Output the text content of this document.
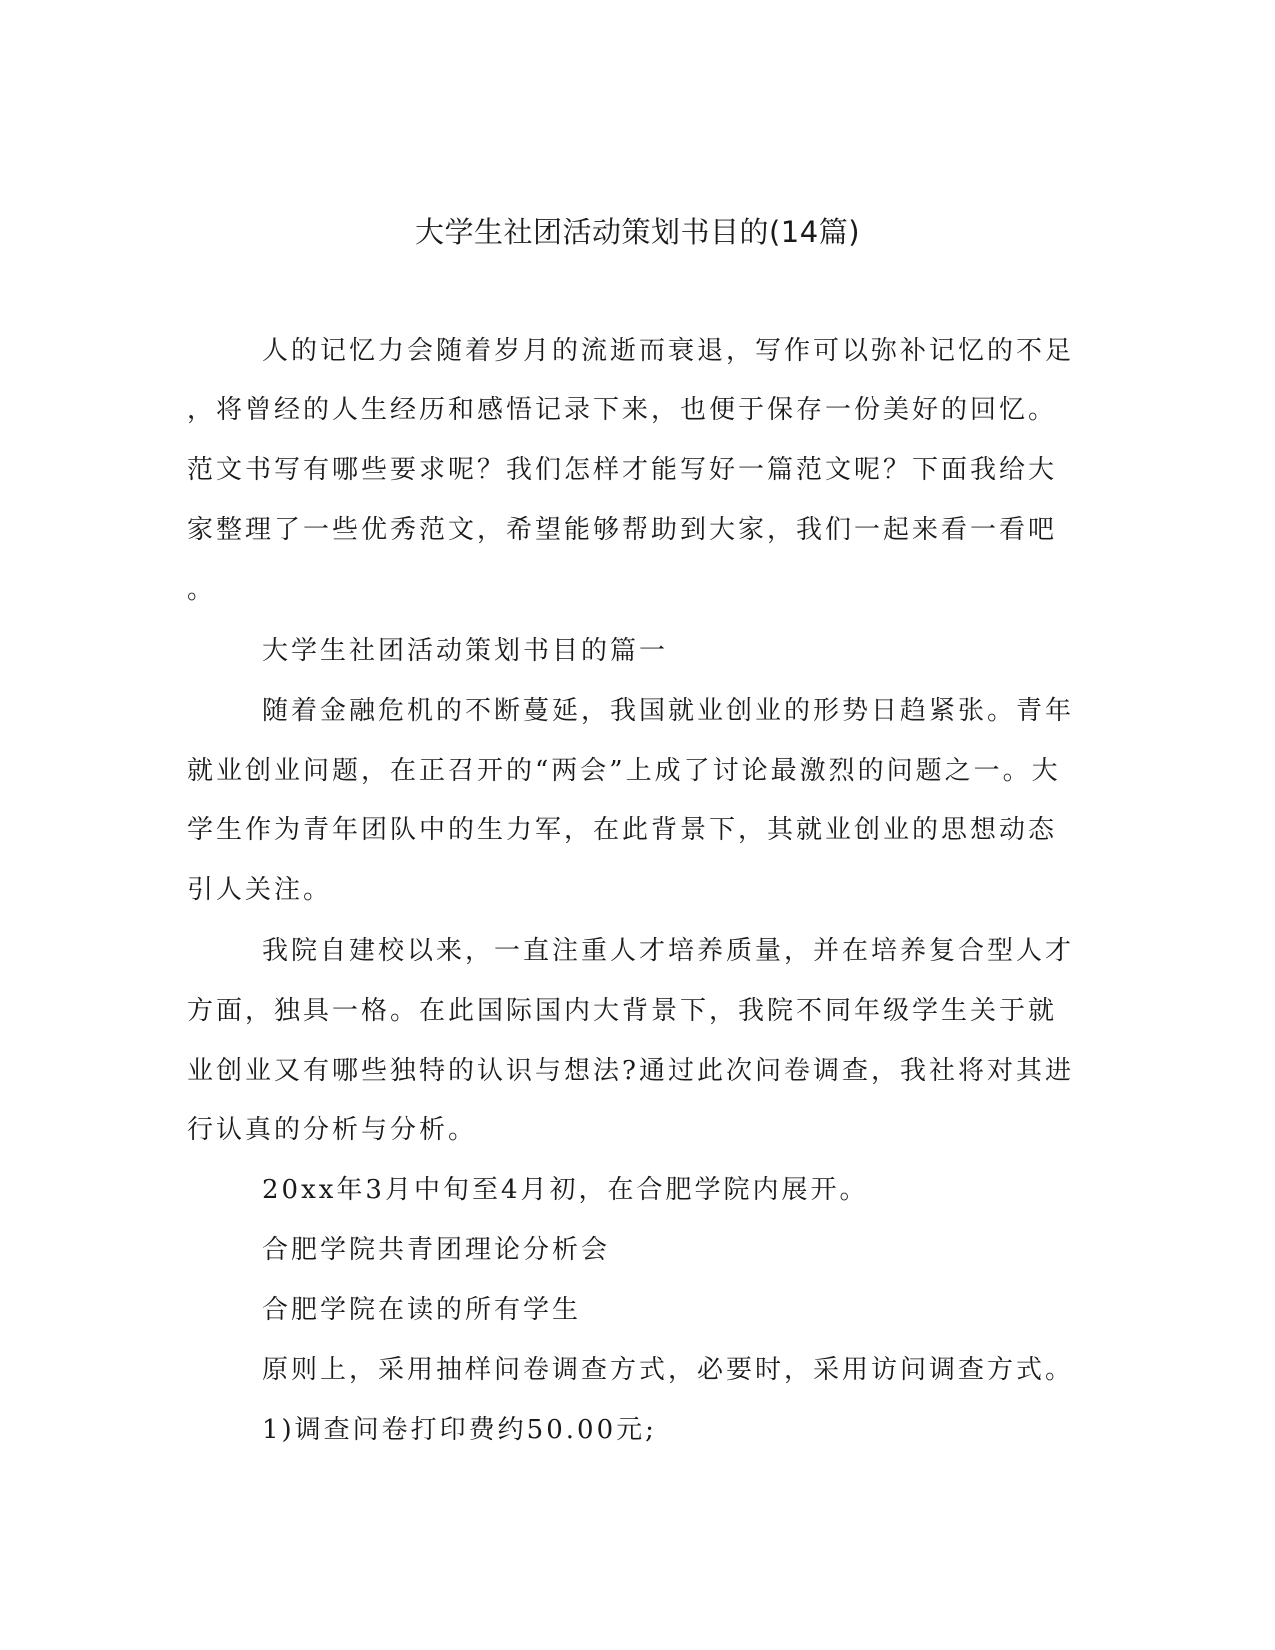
大学生社团活动策划书目的(14篇)
人的记忆力会随着岁月的流逝而衰退，写作可以弥补记忆的不足
，将曾经的人生经历和感悟记录下来，也便于保存一份美好的回忆。
范文书写有哪些要求呢？我们怎样才能写好一篇范文呢？下面我给大
家整理了一些优秀范文，希望能够帮助到大家，我们一起来看一看吧
。
大学生社团活动策划书目的篇一
随着金融危机的不断蔓延，我国就业创业的形势日趋紧张。青年
就业创业问题，在正召开的“两会”上成了讨论最激烈的问题之一。大
学生作为青年团队中的生力军，在此背景下，其就业创业的思想动态
引人关注。
我院自建校以来，一直注重人才培养质量，并在培养复合型人才
方面，独具一格。在此国际国内大背景下，我院不同年级学生关于就
业创业又有哪些独特的认识与想法?通过此次问卷调查，我社将对其进
行认真的分析与分析。
20xx年3月中旬至4月初，在合肥学院内展开。
合肥学院共青团理论分析会
合肥学院在读的所有学生
原则上，采用抽样问卷调查方式，必要时，采用访问调查方式。
1)调查问卷打印费约50.00元;
